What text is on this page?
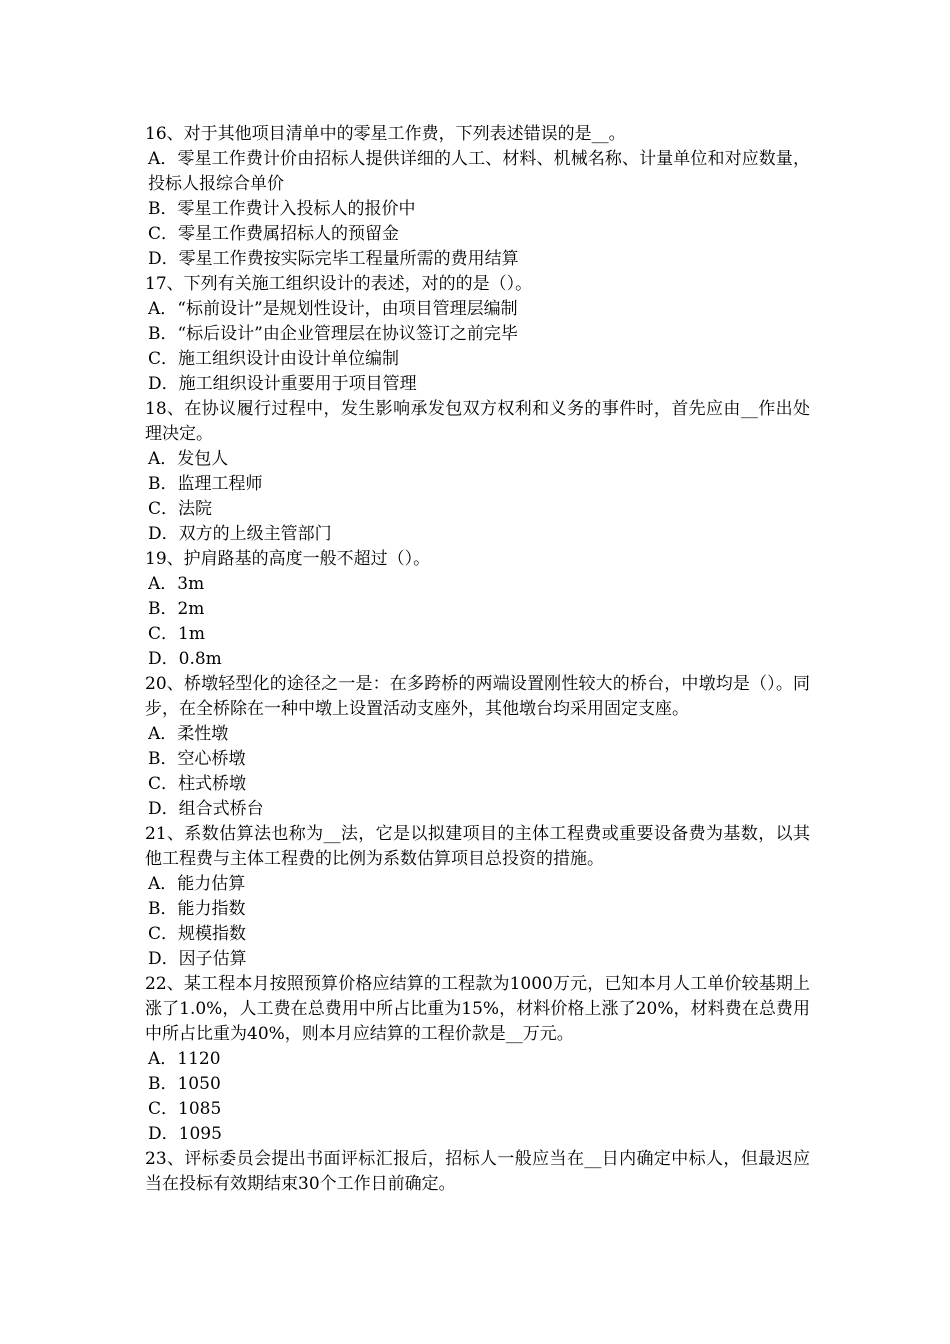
16、对于其他项目清单中的零星工作费，下列表述错误的是__。

A．零星工作费计价由招标人提供详细的人工、材料、机械名称、计量单位和对应数量，投标人报综合单价

B．零星工作费计入投标人的报价中

C．零星工作费属招标人的预留金

D．零星工作费按实际完毕工程量所需的费用结算

17、下列有关施工组织设计的表述，对的的是（）。

A．“标前设计”是规划性设计，由项目管理层编制

B．“标后设计”由企业管理层在协议签订之前完毕

C．施工组织设计由设计单位编制

D．施工组织设计重要用于项目管理

18、在协议履行过程中，发生影响承发包双方权利和义务的事件时，首先应由__作出处理决定。

A．发包人

B．监理工程师

C．法院

D．双方的上级主管部门

19、护肩路基的高度一般不超过（）。

A．3m

B．2m

C．1m

D．0.8m

20、桥墩轻型化的途径之一是：在多跨桥的两端设置刚性较大的桥台，中墩均是（）。同步，在全桥除在一种中墩上设置活动支座外，其他墩台均采用固定支座。

A．柔性墩

B．空心桥墩

C．柱式桥墩

D．组合式桥台

21、系数估算法也称为__法，它是以拟建项目的主体工程费或重要设备费为基数，以其他工程费与主体工程费的比例为系数估算项目总投资的措施。

A．能力估算

B．能力指数

C．规模指数

D．因子估算

22、某工程本月按照预算价格应结算的工程款为1000万元，已知本月人工单价较基期上涨了1.0%，人工费在总费用中所占比重为15%，材料价格上涨了20%，材料费在总费用中所占比重为40%，则本月应结算的工程价款是__万元。

A．1120

B．1050

C．1085

D．1095

23、评标委员会提出书面评标汇报后，招标人一般应当在__日内确定中标人，但最迟应当在投标有效期结束30个工作日前确定。
